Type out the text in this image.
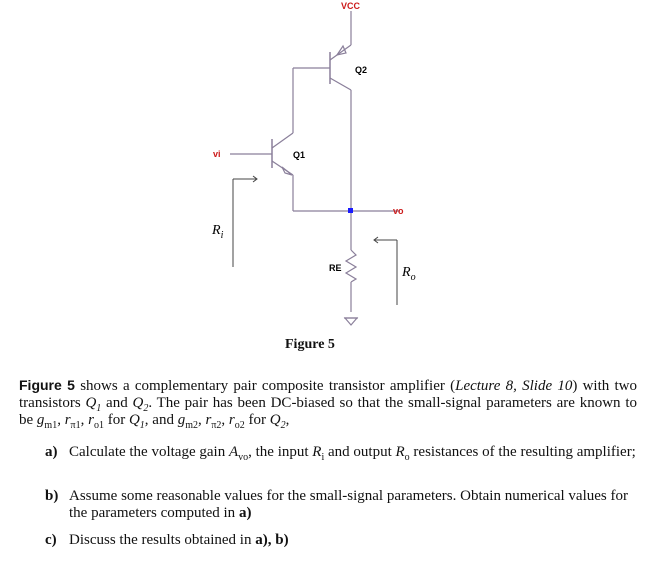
VCC
Q2
Q1
vi
vo
RE
$R_i$
$R_o$
Figure 5
Figure 5 shows a complementary pair composite transistor amplifier (Lecture 8, Slide 10) with two transistors $Q_1$ and $Q_2$. The pair has been DC-biased so that the small-signal parameters are known to be $g_{m1}$, $r_{\pi 1}$, $r_{o1}$ for $Q_1$, and $g_{m2}$, $r_{\pi 2}$, $r_{o2}$ for $Q_2$,
a) Calculate the voltage gain $A_{vo}$, the input $R_i$ and output $R_o$ resistances of the resulting amplifier;
b) Assume some reasonable values for the small-signal parameters. Obtain numerical values for the parameters computed in a)
c) Discuss the results obtained in a), b)
